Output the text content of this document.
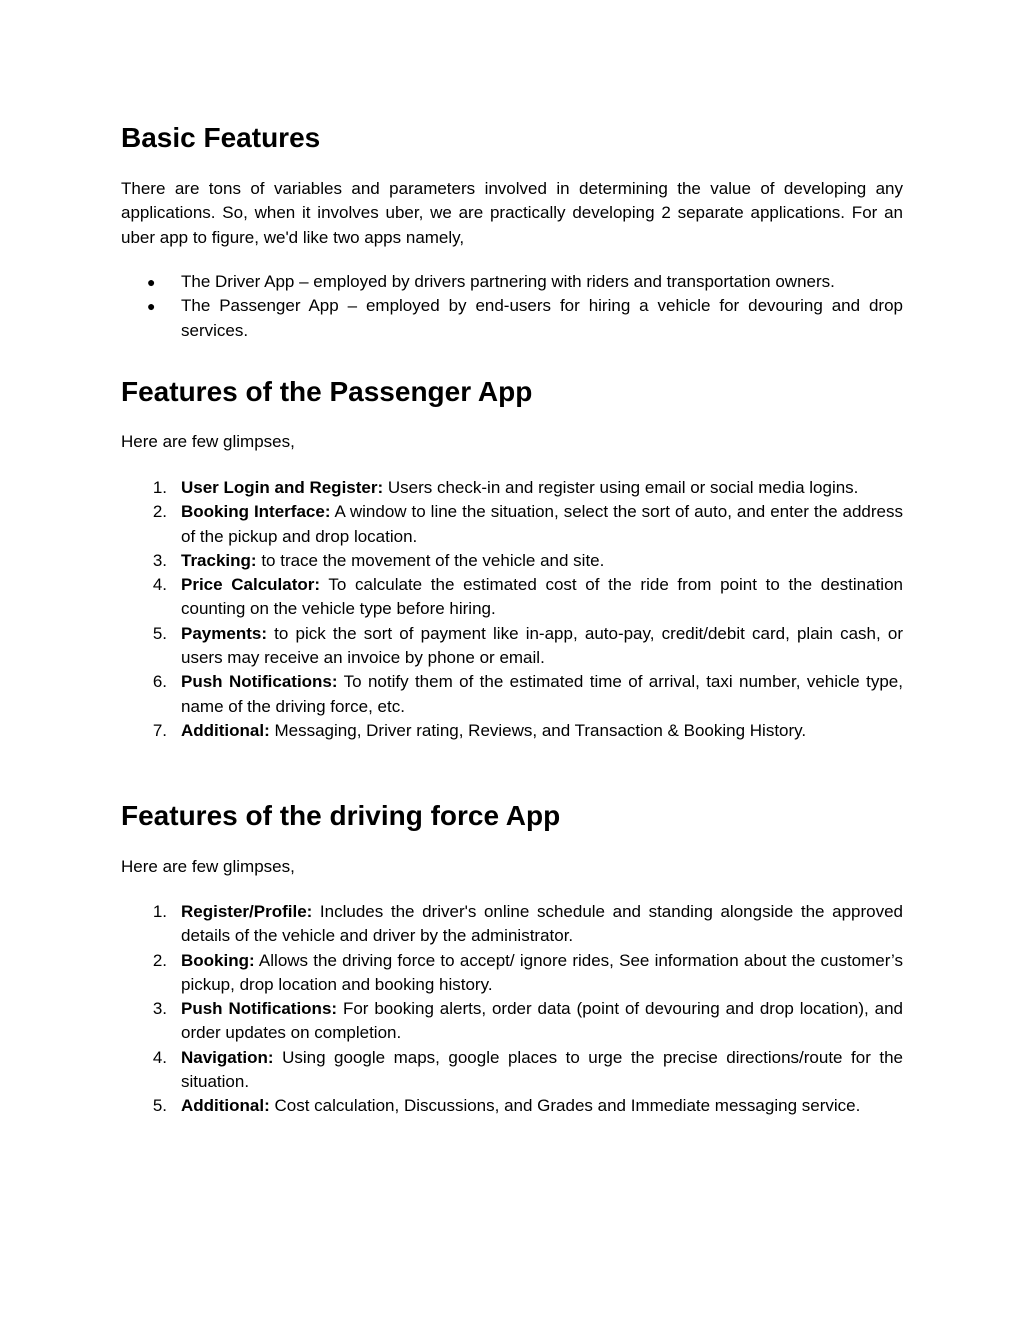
Basic Features

There are tons of variables and parameters involved in determining the value of developing any applications. So, when it involves uber, we are practically developing 2 separate applications. For an uber app to figure, we'd like two apps namely,

● The Driver App – employed by drivers partnering with riders and transportation owners.
● The Passenger App – employed by end-users for hiring a vehicle for devouring and drop services.
Features of the Passenger App

Here are few glimpses,

1. User Login and Register: Users check-in and register using email or social media logins.
2. Booking Interface: A window to line the situation, select the sort of auto, and enter the address of the pickup and drop location.
3. Tracking: to trace the movement of the vehicle and site.
4. Price Calculator: To calculate the estimated cost of the ride from point to the destination counting on the vehicle type before hiring.
5. Payments: to pick the sort of payment like in-app, auto-pay, credit/debit card, plain cash, or users may receive an invoice by phone or email.
6. Push Notifications: To notify them of the estimated time of arrival, taxi number, vehicle type, name of the driving force, etc.
7. Additional: Messaging, Driver rating, Reviews, and Transaction & Booking History.
Features of the driving force App

Here are few glimpses,

1. Register/Profile: Includes the driver's online schedule and standing alongside the approved details of the vehicle and driver by the administrator.
2. Booking: Allows the driving force to accept/ ignore rides, See information about the customer’s pickup, drop location and booking history.
3. Push Notifications: For booking alerts, order data (point of devouring and drop location), and order updates on completion.
4. Navigation: Using google maps, google places to urge the precise directions/route for the situation.
5. Additional: Cost calculation, Discussions, and Grades and Immediate messaging service.
